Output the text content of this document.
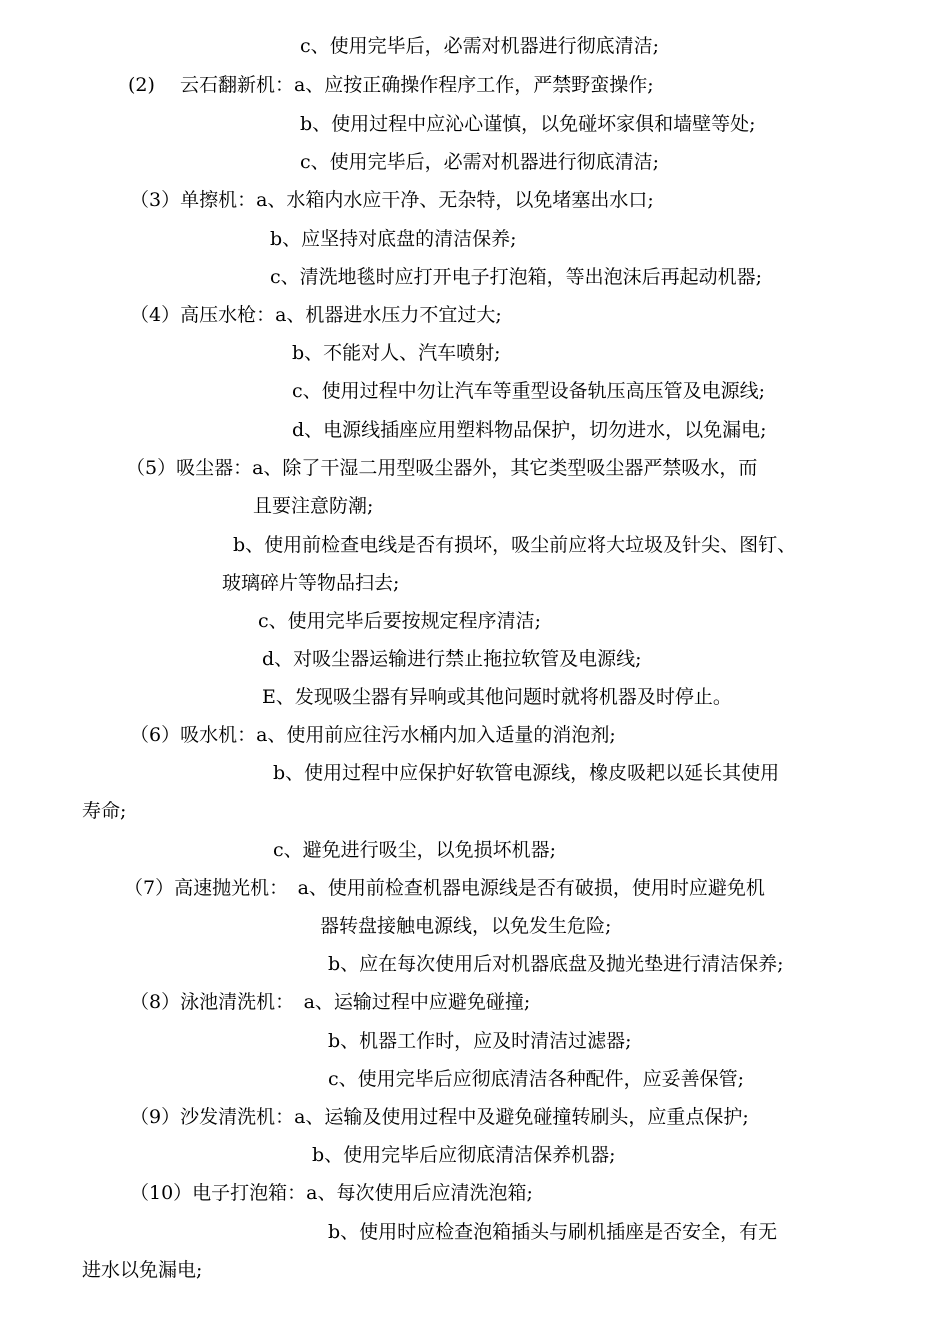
c、使用完毕后，必需对机器进行彻底清洁;
(2)　 云石翻新机：a、应按正确操作程序工作，严禁野蛮操作;
b、使用过程中应沁心谨慎，以免碰坏家俱和墙壁等处;
c、使用完毕后，必需对机器进行彻底清洁;
（3）单擦机：a、水箱内水应干净、无杂特，以免堵塞出水口;
b、应坚持对底盘的清洁保养;
c、清洗地毯时应打开电子打泡箱，等出泡沫后再起动机器;
（4）高压水枪：a、机器进水压力不宜过大;
b、不能对人、汽车喷射;
c、使用过程中勿让汽车等重型设备轨压高压管及电源线;
d、电源线插座应用塑料物品保护，切勿进水，以免漏电;
（5）吸尘器：a、除了干湿二用型吸尘器外，其它类型吸尘器严禁吸水，而
且要注意防潮;
b、使用前检查电线是否有损坏，吸尘前应将大垃圾及针尖、图钉、
玻璃碎片等物品扫去;
c、使用完毕后要按规定程序清洁;
d、对吸尘器运输进行禁止拖拉软管及电源线;
E、发现吸尘器有异响或其他问题时就将机器及时停止。
（6）吸水机：a、使用前应往污水桶内加入适量的消泡剂;
b、使用过程中应保护好软管电源线，橡皮吸耙以延长其使用
寿命;
c、避免进行吸尘，以免损坏机器;
（7）高速抛光机：　a、使用前检查机器电源线是否有破损，使用时应避免机
器转盘接触电源线，以免发生危险;
b、应在每次使用后对机器底盘及抛光垫进行清洁保养;
（8）泳池清洗机：　a、运输过程中应避免碰撞;
b、机器工作时，应及时清洁过滤器;
c、使用完毕后应彻底清洁各种配件，应妥善保管;
（9）沙发清洗机：a、运输及使用过程中及避免碰撞转刷头，应重点保护;
b、使用完毕后应彻底清洁保养机器;
（10）电子打泡箱：a、每次使用后应清洗泡箱;
b、使用时应检查泡箱插头与刷机插座是否安全，有无
进水以免漏电;
